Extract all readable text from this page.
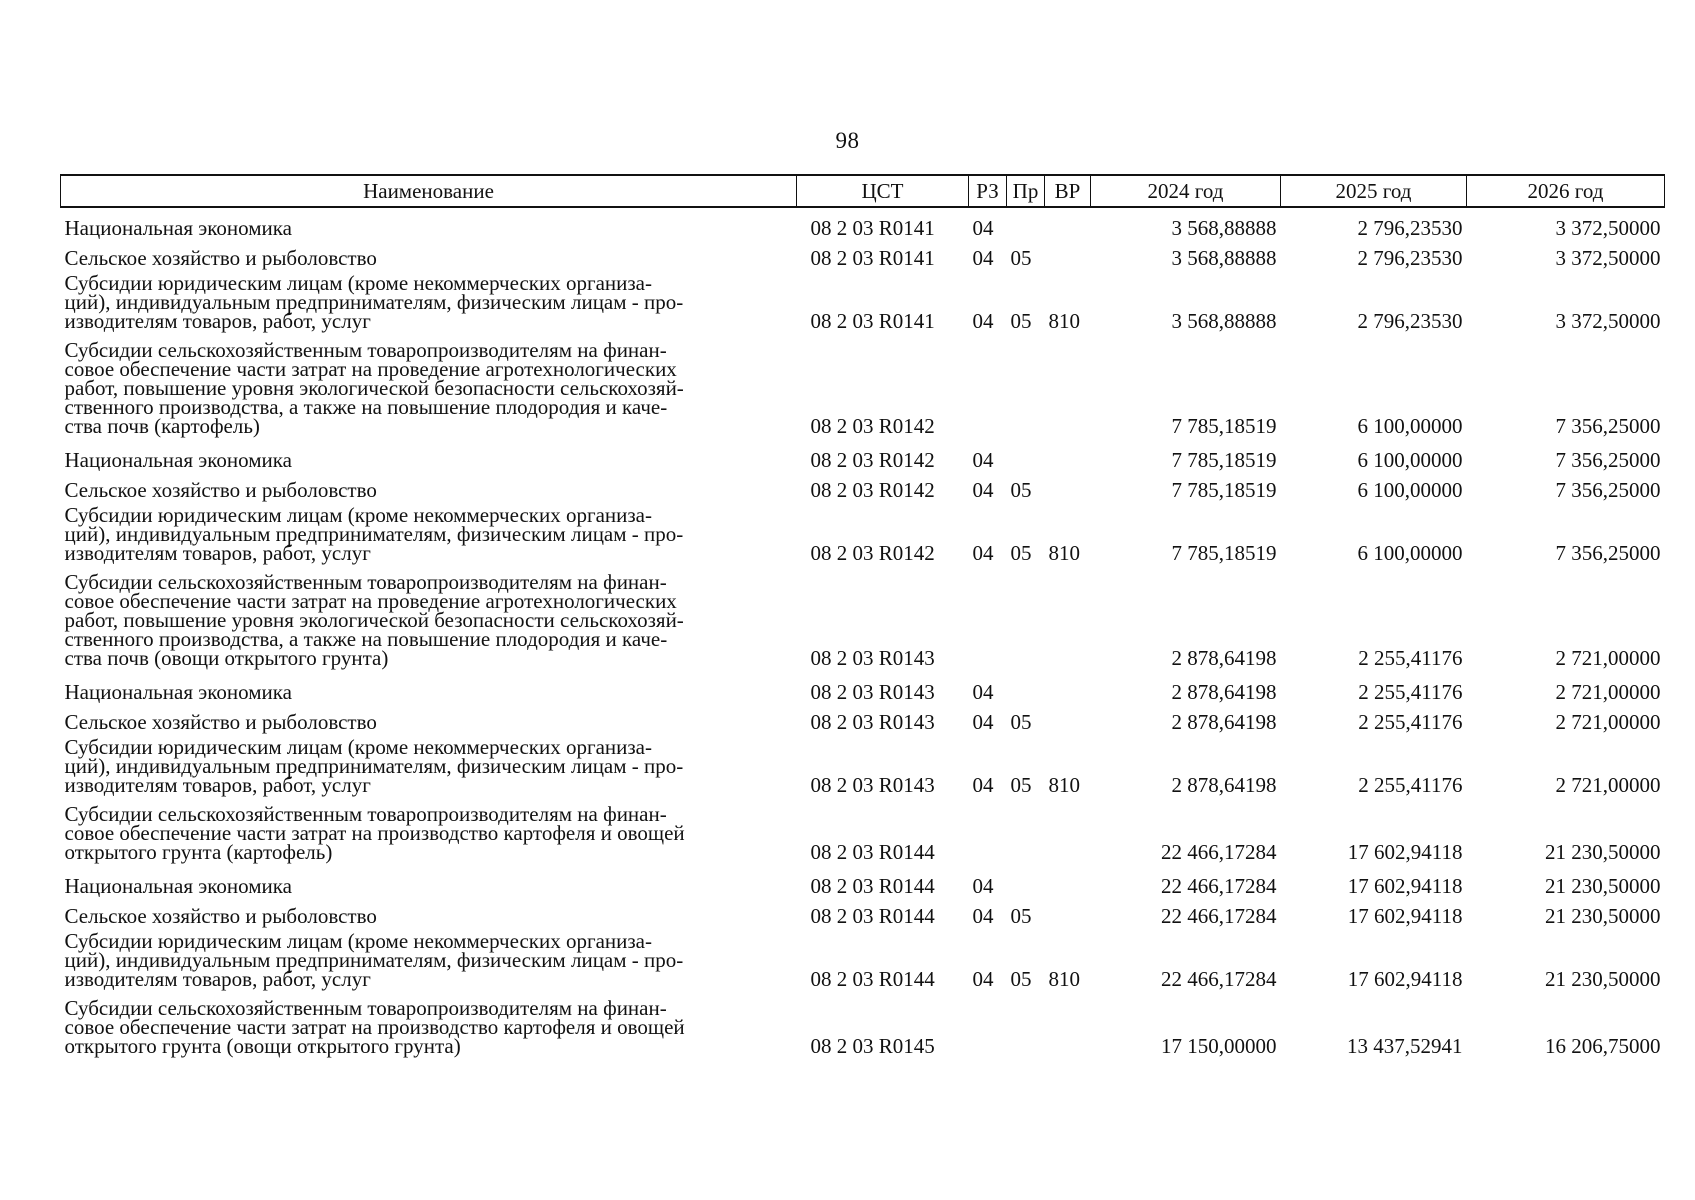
98
Наименование	ЦСТ	РЗ	Пр	ВР	2024 год	2025 год	2026 год

Национальная экономика	08 2 03 R0141	04			3 568,88888	2 796,23530	3 372,50000

Сельское хозяйство и рыболовство	08 2 03 R0141	04	05		3 568,88888	2 796,23530	3 372,50000

Субсидии юридическим лицам (кроме некоммерческих организа-
ций), индивидуальным предпринимателям, физическим лицам - про-
изводителям товаров, работ, услуг	08 2 03 R0141	04	05	810	3 568,88888	2 796,23530	3 372,50000

Субсидии сельскохозяйственным товаропроизводителям на финан-
совое обеспечение части затрат на проведение агротехнологических
работ, повышение уровня экологической безопасности сельскохозяй-
ственного производства, а также на повышение плодородия и каче-
ства почв (картофель)	08 2 03 R0142				7 785,18519	6 100,00000	7 356,25000

Национальная экономика	08 2 03 R0142	04			7 785,18519	6 100,00000	7 356,25000

Сельское хозяйство и рыболовство	08 2 03 R0142	04	05		7 785,18519	6 100,00000	7 356,25000

Субсидии юридическим лицам (кроме некоммерческих организа-
ций), индивидуальным предпринимателям, физическим лицам - про-
изводителям товаров, работ, услуг	08 2 03 R0142	04	05	810	7 785,18519	6 100,00000	7 356,25000

Субсидии сельскохозяйственным товаропроизводителям на финан-
совое обеспечение части затрат на проведение агротехнологических
работ, повышение уровня экологической безопасности сельскохозяй-
ственного производства, а также на повышение плодородия и каче-
ства почв (овощи открытого грунта)	08 2 03 R0143				2 878,64198	2 255,41176	2 721,00000

Национальная экономика	08 2 03 R0143	04			2 878,64198	2 255,41176	2 721,00000

Сельское хозяйство и рыболовство	08 2 03 R0143	04	05		2 878,64198	2 255,41176	2 721,00000

Субсидии юридическим лицам (кроме некоммерческих организа-
ций), индивидуальным предпринимателям, физическим лицам - про-
изводителям товаров, работ, услуг	08 2 03 R0143	04	05	810	2 878,64198	2 255,41176	2 721,00000

Субсидии сельскохозяйственным товаропроизводителям на финан-
совое обеспечение части затрат на производство картофеля и овощей
открытого грунта (картофель)	08 2 03 R0144				22 466,17284	17 602,94118	21 230,50000

Национальная экономика	08 2 03 R0144	04			22 466,17284	17 602,94118	21 230,50000

Сельское хозяйство и рыболовство	08 2 03 R0144	04	05		22 466,17284	17 602,94118	21 230,50000

Субсидии юридическим лицам (кроме некоммерческих организа-
ций), индивидуальным предпринимателям, физическим лицам - про-
изводителям товаров, работ, услуг	08 2 03 R0144	04	05	810	22 466,17284	17 602,94118	21 230,50000

Субсидии сельскохозяйственным товаропроизводителям на финан-
совое обеспечение части затрат на производство картофеля и овощей
открытого грунта (овощи открытого грунта)	08 2 03 R0145				17 150,00000	13 437,52941	16 206,75000
